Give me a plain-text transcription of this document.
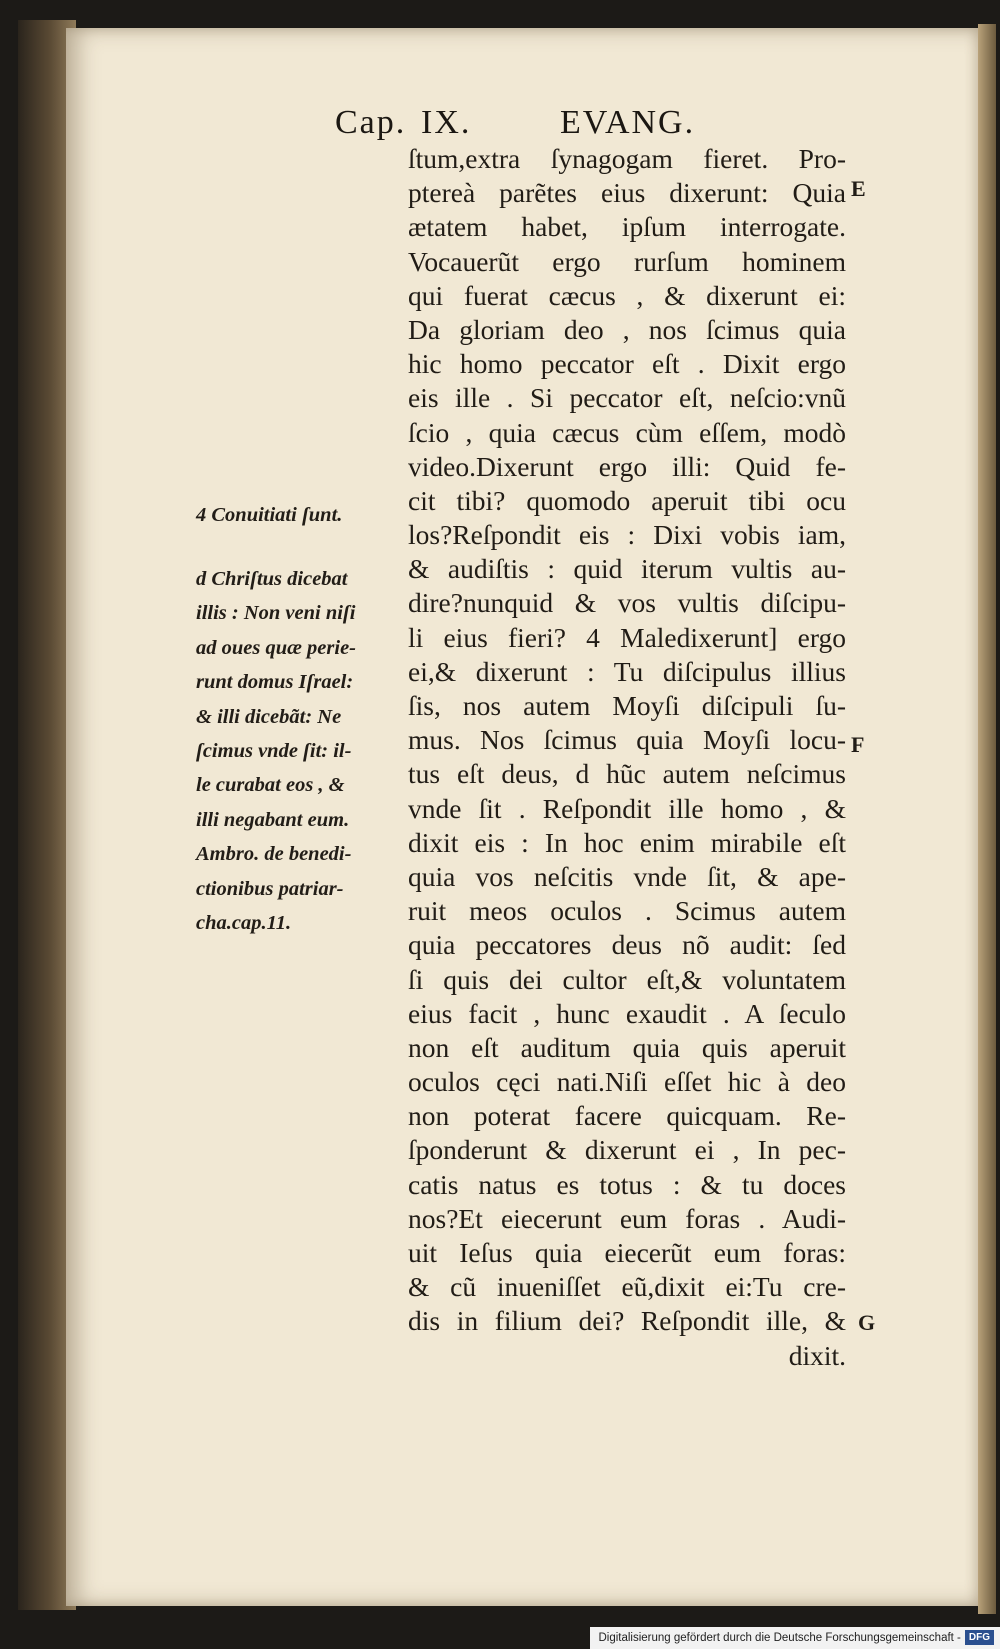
Cap. IX.	EVANG.
ſtum,extra ſynagogam fieret. Pro-
ptereà parẽtes eius dixerunt: Quia
ætatem habet, ipſum interrogate.
Vocauerũt ergo rurſum hominem
qui fuerat cæcus , & dixerunt ei:
Da gloriam deo , nos ſcimus quia
hic homo peccator eſt . Dixit ergo
eis ille . Si peccator eſt, neſcio:vnũ
ſcio , quia cæcus cùm eſſem, modò
video.Dixerunt ergo illi: Quid fe-
cit tibi? quomodo aperuit tibi ocu
los?Reſpondit eis : Dixi vobis iam,
& audiſtis : quid iterum vultis au-
dire?nunquid & vos vultis diſcipu-
li eius fieri? 4 Maledixerunt] ergo
ei,& dixerunt : Tu diſcipulus illius
ſis, nos autem Moyſi diſcipuli ſu-
mus. Nos ſcimus quia Moyſi locu-
tus eſt deus, d hũc autem neſcimus
vnde ſit . Reſpondit ille homo , &
dixit eis : In hoc enim mirabile eſt
quia vos neſcitis vnde ſit, & ape-
ruit meos oculos . Scimus autem
quia peccatores deus nõ audit: ſed
ſi quis dei cultor eſt,& voluntatem
eius facit , hunc exaudit . A ſeculo
non eſt auditum quia quis aperuit
oculos cęci nati.Niſi eſſet hic à deo
non poterat facere quicquam. Re-
ſponderunt & dixerunt ei , In pec-
catis natus es totus : & tu doces
nos?Et eiecerunt eum foras . Audi-
uit Ieſus quia eiecerũt eum foras:
& cũ inueniſſet eũ,dixit ei:Tu cre-
dis in filium dei? Reſpondit ille, &
dixit.
4 Conuitiati ſunt.
d Chriſtus dicebat
illis : Non veni niſi
ad oues quæ perie-
runt domus Iſrael:
& illi dicebãt: Ne
ſcimus vnde ſit: il-
le curabat eos , &
illi negabant eum.
Ambro. de benedi-
ctionibus patriar-
cha.cap.11.
E
F
G
Digitalisierung gefördert durch die Deutsche Forschungsgemeinschaft - DFG
